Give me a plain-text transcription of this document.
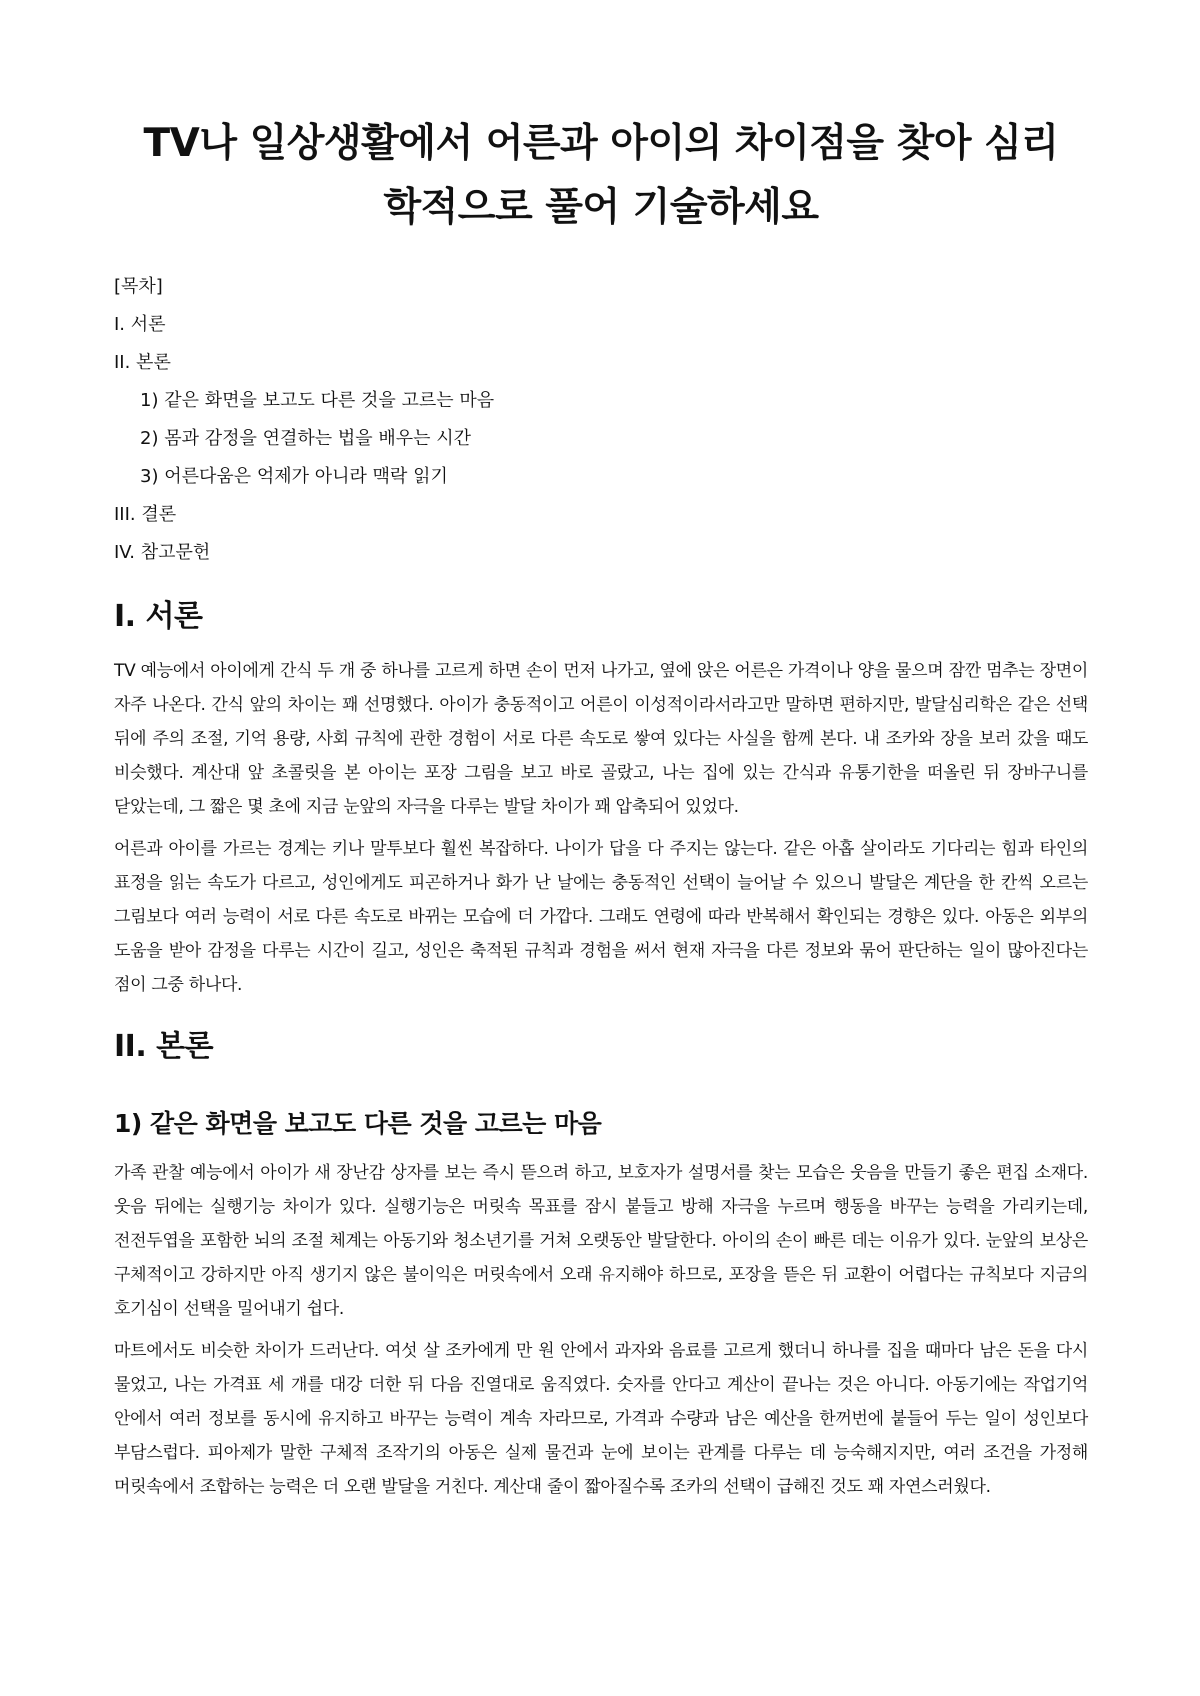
TV나 일상생활에서 어른과 아이의 차이점을 찾아 심리학적으로 풀어 기술하세요
[목차]
I. 서론
II. 본론
1) 같은 화면을 보고도 다른 것을 고르는 마음
2) 몸과 감정을 연결하는 법을 배우는 시간
3) 어른다움은 억제가 아니라 맥락 읽기
III. 결론
IV. 참고문헌
I. 서론

TV 예능에서 아이에게 간식 두 개 중 하나를 고르게 하면 손이 먼저 나가고, 옆에 앉은 어른은 가격이나 양을 물으며 잠깐 멈추는 장면이 자주 나온다. 간식 앞의 차이는 꽤 선명했다. 아이가 충동적이고 어른이 이성적이라서라고만 말하면 편하지만, 발달심리학은 같은 선택 뒤에 주의 조절, 기억 용량, 사회 규칙에 관한 경험이 서로 다른 속도로 쌓여 있다는 사실을 함께 본다. 내 조카와 장을 보러 갔을 때도 비슷했다. 계산대 앞 초콜릿을 본 아이는 포장 그림을 보고 바로 골랐고, 나는 집에 있는 간식과 유통기한을 떠올린 뒤 장바구니를 닫았는데, 그 짧은 몇 초에 지금 눈앞의 자극을 다루는 발달 차이가 꽤 압축되어 있었다.

어른과 아이를 가르는 경계는 키나 말투보다 훨씬 복잡하다. 나이가 답을 다 주지는 않는다. 같은 아홉 살이라도 기다리는 힘과 타인의 표정을 읽는 속도가 다르고, 성인에게도 피곤하거나 화가 난 날에는 충동적인 선택이 늘어날 수 있으니 발달은 계단을 한 칸씩 오르는 그림보다 여러 능력이 서로 다른 속도로 바뀌는 모습에 더 가깝다. 그래도 연령에 따라 반복해서 확인되는 경향은 있다. 아동은 외부의 도움을 받아 감정을 다루는 시간이 길고, 성인은 축적된 규칙과 경험을 써서 현재 자극을 다른 정보와 묶어 판단하는 일이 많아진다는 점이 그중 하나다.

II. 본론
1) 같은 화면을 보고도 다른 것을 고르는 마음

가족 관찰 예능에서 아이가 새 장난감 상자를 보는 즉시 뜯으려 하고, 보호자가 설명서를 찾는 모습은 웃음을 만들기 좋은 편집 소재다. 웃음 뒤에는 실행기능 차이가 있다. 실행기능은 머릿속 목표를 잠시 붙들고 방해 자극을 누르며 행동을 바꾸는 능력을 가리키는데, 전전두엽을 포함한 뇌의 조절 체계는 아동기와 청소년기를 거쳐 오랫동안 발달한다. 아이의 손이 빠른 데는 이유가 있다. 눈앞의 보상은 구체적이고 강하지만 아직 생기지 않은 불이익은 머릿속에서 오래 유지해야 하므로, 포장을 뜯은 뒤 교환이 어렵다는 규칙보다 지금의 호기심이 선택을 밀어내기 쉽다.

마트에서도 비슷한 차이가 드러난다. 여섯 살 조카에게 만 원 안에서 과자와 음료를 고르게 했더니 하나를 집을 때마다 남은 돈을 다시 물었고, 나는 가격표 세 개를 대강 더한 뒤 다음 진열대로 움직였다. 숫자를 안다고 계산이 끝나는 것은 아니다. 아동기에는 작업기억 안에서 여러 정보를 동시에 유지하고 바꾸는 능력이 계속 자라므로, 가격과 수량과 남은 예산을 한꺼번에 붙들어 두는 일이 성인보다 부담스럽다. 피아제가 말한 구체적 조작기의 아동은 실제 물건과 눈에 보이는 관계를 다루는 데 능숙해지지만, 여러 조건을 가정해 머릿속에서 조합하는 능력은 더 오랜 발달을 거친다. 계산대 줄이 짧아질수록 조카의 선택이 급해진 것도 꽤 자연스러웠다.
